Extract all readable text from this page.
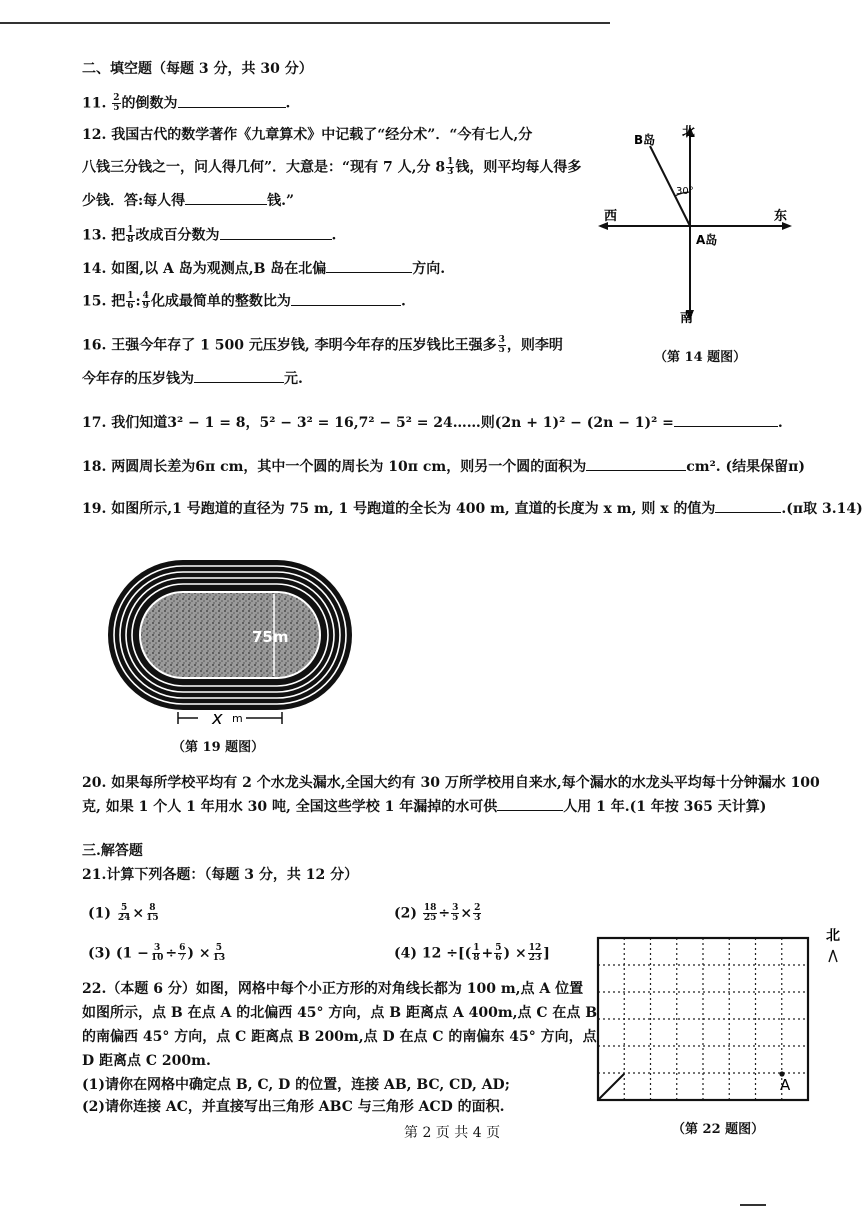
二、填空题（每题 3 分，共 30 分）
11. $\frac{2}{5}$ 的倒数为	.
12. 我国古代的数学著作《九章算术》中记载了“经分术”．“今有七人,分
八钱三分钱之一，问人得几何”．大意是：“现有 7 人,分 $8 \frac{1}{3}$ 钱，则平均每人得多
少钱．答:每人得	钱.”
13. 把 $\frac{1}{8}$ 改成百分数为	.
14. 如图,以 A 岛为观测点,B 岛在北偏	方向.
15. 把 $\frac{1}{6}$ : $\frac{4}{9}$ 化成最简单的整数比为	.
北
南
东
西
B岛
A岛
30°
（第 14 题图）
16. 王强今年存了 1 500 元压岁钱, 李明今年存的压岁钱比王强多 $\frac{3}{5}$ ，则李明
今年存的压岁钱为	元.
17. 我们知道3² − 1 = 8，5² − 3² = 16,7² − 5² = 24……则(2n + 1)² − (2n − 1)² =	.
18. 两圆周长差为6π cm，其中一个圆的周长为 10π cm，则另一个圆的面积为	cm². (结果保留π)
19. 如图所示,1 号跑道的直径为 75 m, 1 号跑道的全长为 400 m, 直道的长度为 x m, 则 x 的值为	.(π取 3.14)
75m
x m
（第 19 题图）
20. 如果每所学校平均有 2 个水龙头漏水,全国大约有 30 万所学校用自来水,每个漏水的水龙头平均每十分钟漏水 100
克, 如果 1 个人 1 年用水 30 吨, 全国这些学校 1 年漏掉的水可供	人用 1 年.(1 年按 365 天计算)
三.解答题
21.计算下列各题：（每题 3 分，共 12 分）
$(1) \frac{5}{24} \times \frac{8}{15}$	$(2) \frac{18}{25} \div \frac{3}{5} \times \frac{2}{3}$
(3) ($1 - \frac{3}{10} \div \frac{6}{7}$ ) × $\frac{5}{13}$	(4) 12 ÷[( $\frac{1}{8} + \frac{5}{6}$ ) × $\frac{12}{23}$ ]
22.（本题 6 分）如图，网格中每个小正方形的对角线长都为 100 m,点 A 位置
如图所示，点 B 在点 A 的北偏西 45° 方向，点 B 距离点 A 400m,点 C 在点 B
的南偏西 45° 方向，点 C 距离点 B 200m,点 D 在点 C 的南偏东 45° 方向，点
D 距离点 C 200m.
(1)请你在网格中确定点 B, C, D 的位置，连接 AB, BC, CD, AD;
(2)请你连接 AC，并直接写出三角形 ABC 与三角形 ACD 的面积.
A
北
（第 22 题图）
第 2 页 共 4 页
